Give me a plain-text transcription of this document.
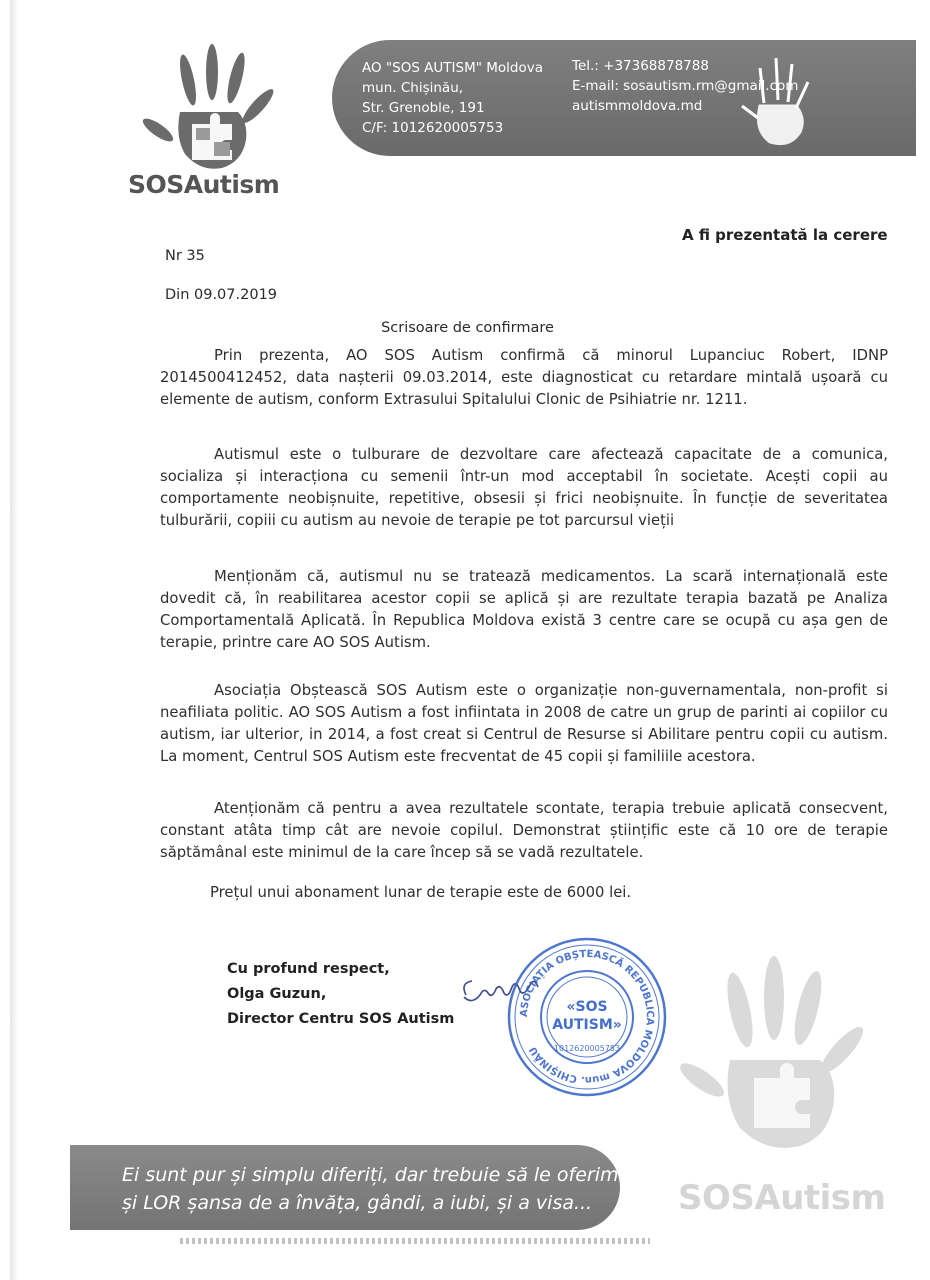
SOSAutism
AO "SOS AUTISM" Moldova
mun. Chișinău,
Str. Grenoble, 191
C/F: 1012620005753
Tel.: +37368878788
E-mail: sosautism.rm@gmail.com
autismmoldova.md
A fi prezentată la cerere
Nr 35
Din 09.07.2019
Scrisoare de confirmare
Prin prezenta, AO SOS Autism confirmă că minorul Lupanciuc Robert, IDNP 2014500412452, data nașterii 09.03.2014, este diagnosticat cu retardare mintală ușoară cu elemente de autism, conform Extrasului Spitalului Clonic de Psihiatrie nr. 1211.
Autismul este o tulburare de dezvoltare care afectează capacitate de a comunica, socializa și interacționa cu semenii într-un mod acceptabil în societate. Acești copii au comportamente neobișnuite, repetitive, obsesii și frici neobișnuite. În funcție de severitatea tulburării, copiii cu autism au nevoie de terapie pe tot parcursul vieții
Menționăm că, autismul nu se tratează medicamentos. La scară internațională este dovedit că, în reabilitarea acestor copii se aplică și are rezultate terapia bazată pe Analiza Comportamentală Aplicată. În Republica Moldova există 3 centre care se ocupă cu așa gen de terapie, printre care AO SOS Autism.
Asociația Obștească SOS Autism este o organizație non-guvernamentala, non-profit si neafiliata politic. AO SOS Autism a fost infiintata in 2008 de catre un grup de parinti ai copiilor cu autism, iar ulterior, in 2014, a fost creat si Centrul de Resurse si Abilitare pentru copii cu autism. La moment, Centrul SOS Autism este frecventat de 45 copii și familiile acestora.
Atenționăm că pentru a avea rezultatele scontate, terapia trebuie aplicată consecvent, constant atâta timp cât are nevoie copilul. Demonstrat științific este că 10 ore de terapie săptămânal este minimul de la care încep să se vadă rezultatele.
Prețul unui abonament lunar de terapie este de 6000 lei.
Cu profund respect,
Olga Guzun,
Director Centru SOS Autism	ASOCIAȚIA OBȘTEASCĂ REPUBLICA MOLDOVA mun. CHIȘINĂU
«SOS
AUTISM»
1012620005753
Ei sunt pur și simplu diferiți, dar trebuie să le oferim
și LOR șansa de a învăța, gândi, a iubi, și a visa...	SOSAutism
